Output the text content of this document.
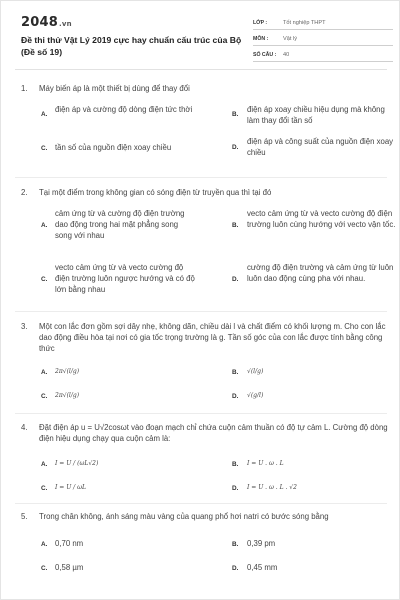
2048.vn
Đề thi thử Vật Lý 2019 cực hay chuẩn cấu trúc của Bộ (Đề số 19)
LỚP :	Tốt nghiệp THPT
MÔN :	Vật lý
SỐ CÂU :	40
1. Máy biến áp là một thiết bị dùng để thay đổi
A.
điện áp và cường độ dòng điện tức thời
B.
điện áp xoay chiều hiệu dụng mà không làm thay đổi tần số
C. tần số của nguồn điện xoay chiều	D.
điện áp và công suất của nguồn điện xoay chiều
2. Tại một điểm trong không gian có sóng điện từ truyền qua thì tại đó
A.
cảm ứng từ và cường độ điện trường dao động trong hai mặt phẳng song song với nhau
B.
vecto cảm ứng từ và vecto cường độ điện trường luôn cùng hướng với vecto vận tốc.
C.
vecto cảm ứng từ và vecto cường độ điện trường luôn ngược hướng và có độ lớn bằng nhau
D.
cường độ điện trường và cảm ứng từ luôn luôn dao động cùng pha với nhau.
3. Một con lắc đơn gồm sợi dây nhẹ, không dãn, chiều dài l và chất điểm có khối lượng m. Cho con lắc dao động điều hòa tại nơi có gia tốc trọng trường là g. Tần số góc của con lắc được tính bằng công thức
A. 2π√(l/g)	B. √(l/g)
C. 2π√(l/g)	D. √(g/l)
4. Đặt điện áp u = U√2cosωt vào đoạn mạch chỉ chứa cuộn cảm thuần có độ tự cảm L. Cường độ dòng điện hiệu dụng chạy qua cuộn cảm là:
A. I = U / (ωL√2)	B. I = U . ω . L
C. I = U / ωL	D. I = U . ω . L . √2
5. Trong chân không, ánh sáng màu vàng của quang phổ hơi natri có bước sóng bằng
A. 0,70 nm	B. 0,39 pm
C. 0,58 µm	D. 0,45 mm
